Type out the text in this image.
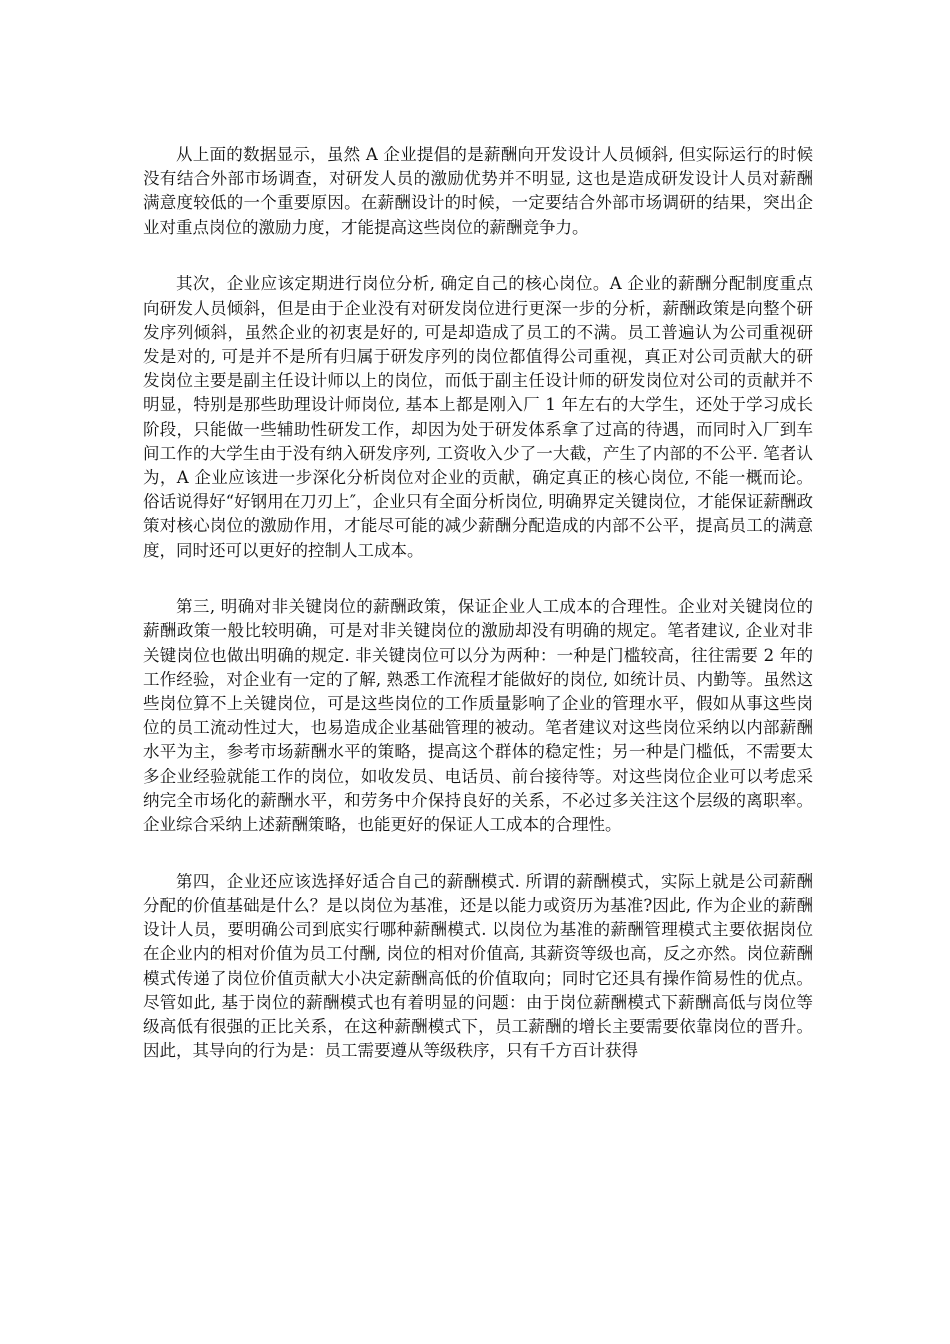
从上面的数据显示，虽然 A 企业提倡的是薪酬向开发设计人员倾斜, 但实际运行的时候没有结合外部市场调查，对研发人员的激励优势并不明显, 这也是造成研发设计人员对薪酬满意度较低的一个重要原因。在薪酬设计的时候，一定要结合外部市场调研的结果，突出企业对重点岗位的激励力度，才能提高这些岗位的薪酬竞争力。

其次，企业应该定期进行岗位分析, 确定自己的核心岗位。A 企业的薪酬分配制度重点向研发人员倾斜，但是由于企业没有对研发岗位进行更深一步的分析，薪酬政策是向整个研发序列倾斜，虽然企业的初衷是好的, 可是却造成了员工的不满。员工普遍认为公司重视研发是对的, 可是并不是所有归属于研发序列的岗位都值得公司重视，真正对公司贡献大的研发岗位主要是副主任设计师以上的岗位，而低于副主任设计师的研发岗位对公司的贡献并不明显，特别是那些助理设计师岗位, 基本上都是刚入厂 1 年左右的大学生，还处于学习成长阶段，只能做一些辅助性研发工作，却因为处于研发体系拿了过高的待遇，而同时入厂到车间工作的大学生由于没有纳入研发序列, 工资收入少了一大截，产生了内部的不公平. 笔者认为，A 企业应该进一步深化分析岗位对企业的贡献，确定真正的核心岗位, 不能一概而论。俗话说得好“好钢用在刀刃上″，企业只有全面分析岗位, 明确界定关键岗位，才能保证薪酬政策对核心岗位的激励作用，才能尽可能的减少薪酬分配造成的内部不公平，提高员工的满意度，同时还可以更好的控制人工成本。

第三, 明确对非关键岗位的薪酬政策，保证企业人工成本的合理性。企业对关键岗位的薪酬政策一般比较明确，可是对非关键岗位的激励却没有明确的规定。笔者建议, 企业对非关键岗位也做出明确的规定. 非关键岗位可以分为两种：一种是门槛较高，往往需要 2 年的工作经验，对企业有一定的了解, 熟悉工作流程才能做好的岗位, 如统计员、内勤等。虽然这些岗位算不上关键岗位，可是这些岗位的工作质量影响了企业的管理水平，假如从事这些岗位的员工流动性过大，也易造成企业基础管理的被动。笔者建议对这些岗位采纳以内部薪酬水平为主，参考市场薪酬水平的策略，提高这个群体的稳定性；另一种是门槛低，不需要太多企业经验就能工作的岗位，如收发员、电话员、前台接待等。对这些岗位企业可以考虑采纳完全市场化的薪酬水平，和劳务中介保持良好的关系，不必过多关注这个层级的离职率。企业综合采纳上述薪酬策略，也能更好的保证人工成本的合理性。

第四，企业还应该选择好适合自己的薪酬模式. 所谓的薪酬模式，实际上就是公司薪酬分配的价值基础是什么？是以岗位为基准，还是以能力或资历为基准?因此, 作为企业的薪酬设计人员，要明确公司到底实行哪种薪酬模式. 以岗位为基准的薪酬管理模式主要依据岗位在企业内的相对价值为员工付酬, 岗位的相对价值高, 其薪资等级也高，反之亦然。岗位薪酬模式传递了岗位价值贡献大小决定薪酬高低的价值取向；同时它还具有操作简易性的优点。尽管如此, 基于岗位的薪酬模式也有着明显的问题：由于岗位薪酬模式下薪酬高低与岗位等级高低有很强的正比关系，在这种薪酬模式下，员工薪酬的增长主要需要依靠岗位的晋升。因此，其导向的行为是：员工需要遵从等级秩序，只有千方百计获得
